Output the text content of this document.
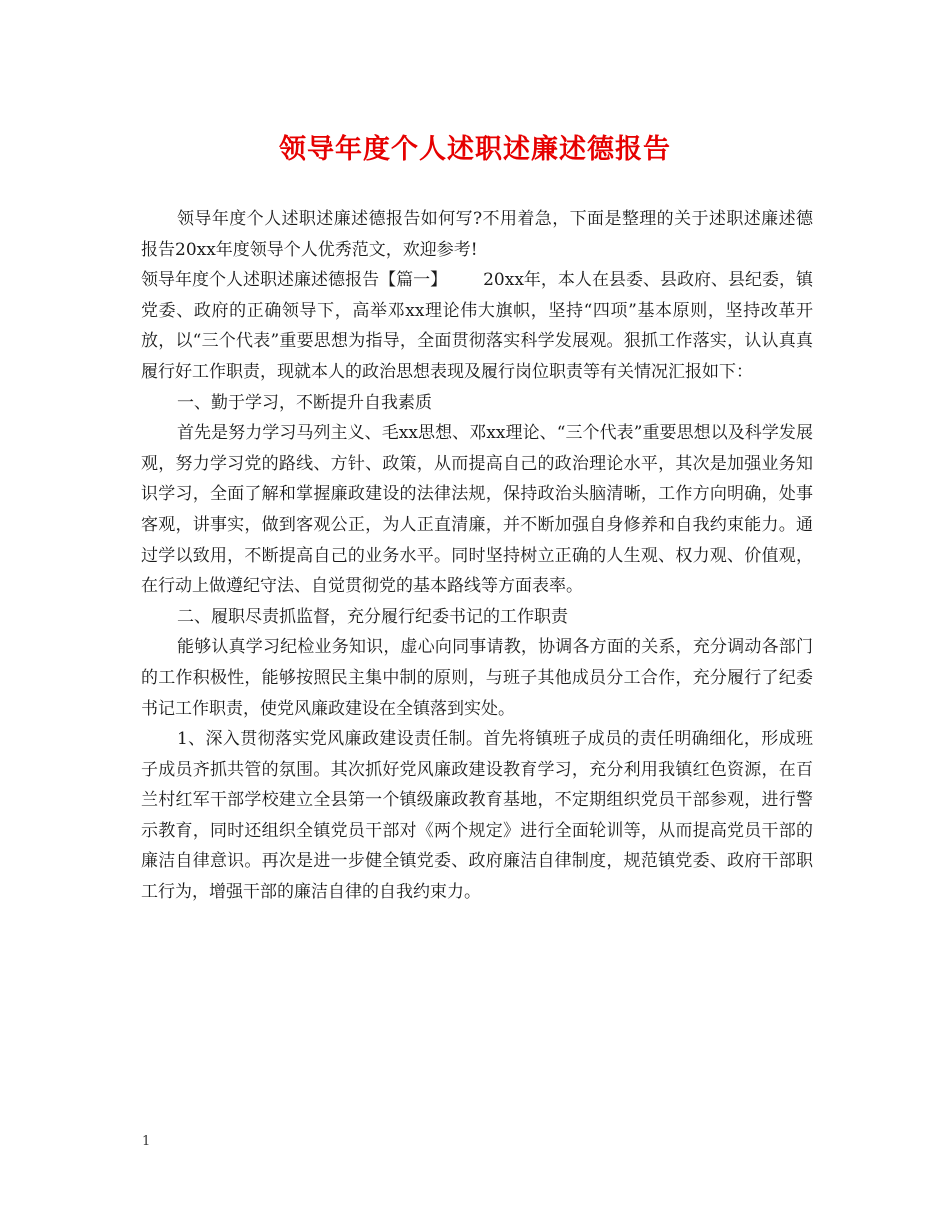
领导年度个人述职述廉述德报告

领导年度个人述职述廉述德报告如何写?不用着急，下面是整理的关于述职述廉述德报告20xx年度领导个人优秀范文，欢迎参考!

领导年度个人述职述廉述德报告【篇一】 20xx年，本人在县委、县政府、县纪委，镇党委、政府的正确领导下，高举邓xx理论伟大旗帜，坚持“四项”基本原则，坚持改革开放，以“三个代表”重要思想为指导，全面贯彻落实科学发展观。狠抓工作落实，认认真真履行好工作职责，现就本人的政治思想表现及履行岗位职责等有关情况汇报如下：

一、勤于学习，不断提升自我素质

首先是努力学习马列主义、毛xx思想、邓xx理论、“三个代表”重要思想以及科学发展观，努力学习党的路线、方针、政策，从而提高自己的政治理论水平，其次是加强业务知识学习，全面了解和掌握廉政建设的法律法规，保持政治头脑清晰，工作方向明确，处事客观，讲事实，做到客观公正，为人正直清廉，并不断加强自身修养和自我约束能力。通过学以致用，不断提高自己的业务水平。同时坚持树立正确的人生观、权力观、价值观，在行动上做遵纪守法、自觉贯彻党的基本路线等方面表率。

二、履职尽责抓监督，充分履行纪委书记的工作职责

能够认真学习纪检业务知识，虚心向同事请教，协调各方面的关系，充分调动各部门的工作积极性，能够按照民主集中制的原则，与班子其他成员分工合作，充分履行了纪委书记工作职责，使党风廉政建设在全镇落到实处。

1、深入贯彻落实党风廉政建设责任制。首先将镇班子成员的责任明确细化，形成班子成员齐抓共管的氛围。其次抓好党风廉政建设教育学习，充分利用我镇红色资源，在百兰村红军干部学校建立全县第一个镇级廉政教育基地，不定期组织党员干部参观，进行警示教育，同时还组织全镇党员干部对《两个规定》进行全面轮训等，从而提高党员干部的廉洁自律意识。再次是进一步健全镇党委、政府廉洁自律制度，规范镇党委、政府干部职工行为，增强干部的廉洁自律的自我约束力。

1
